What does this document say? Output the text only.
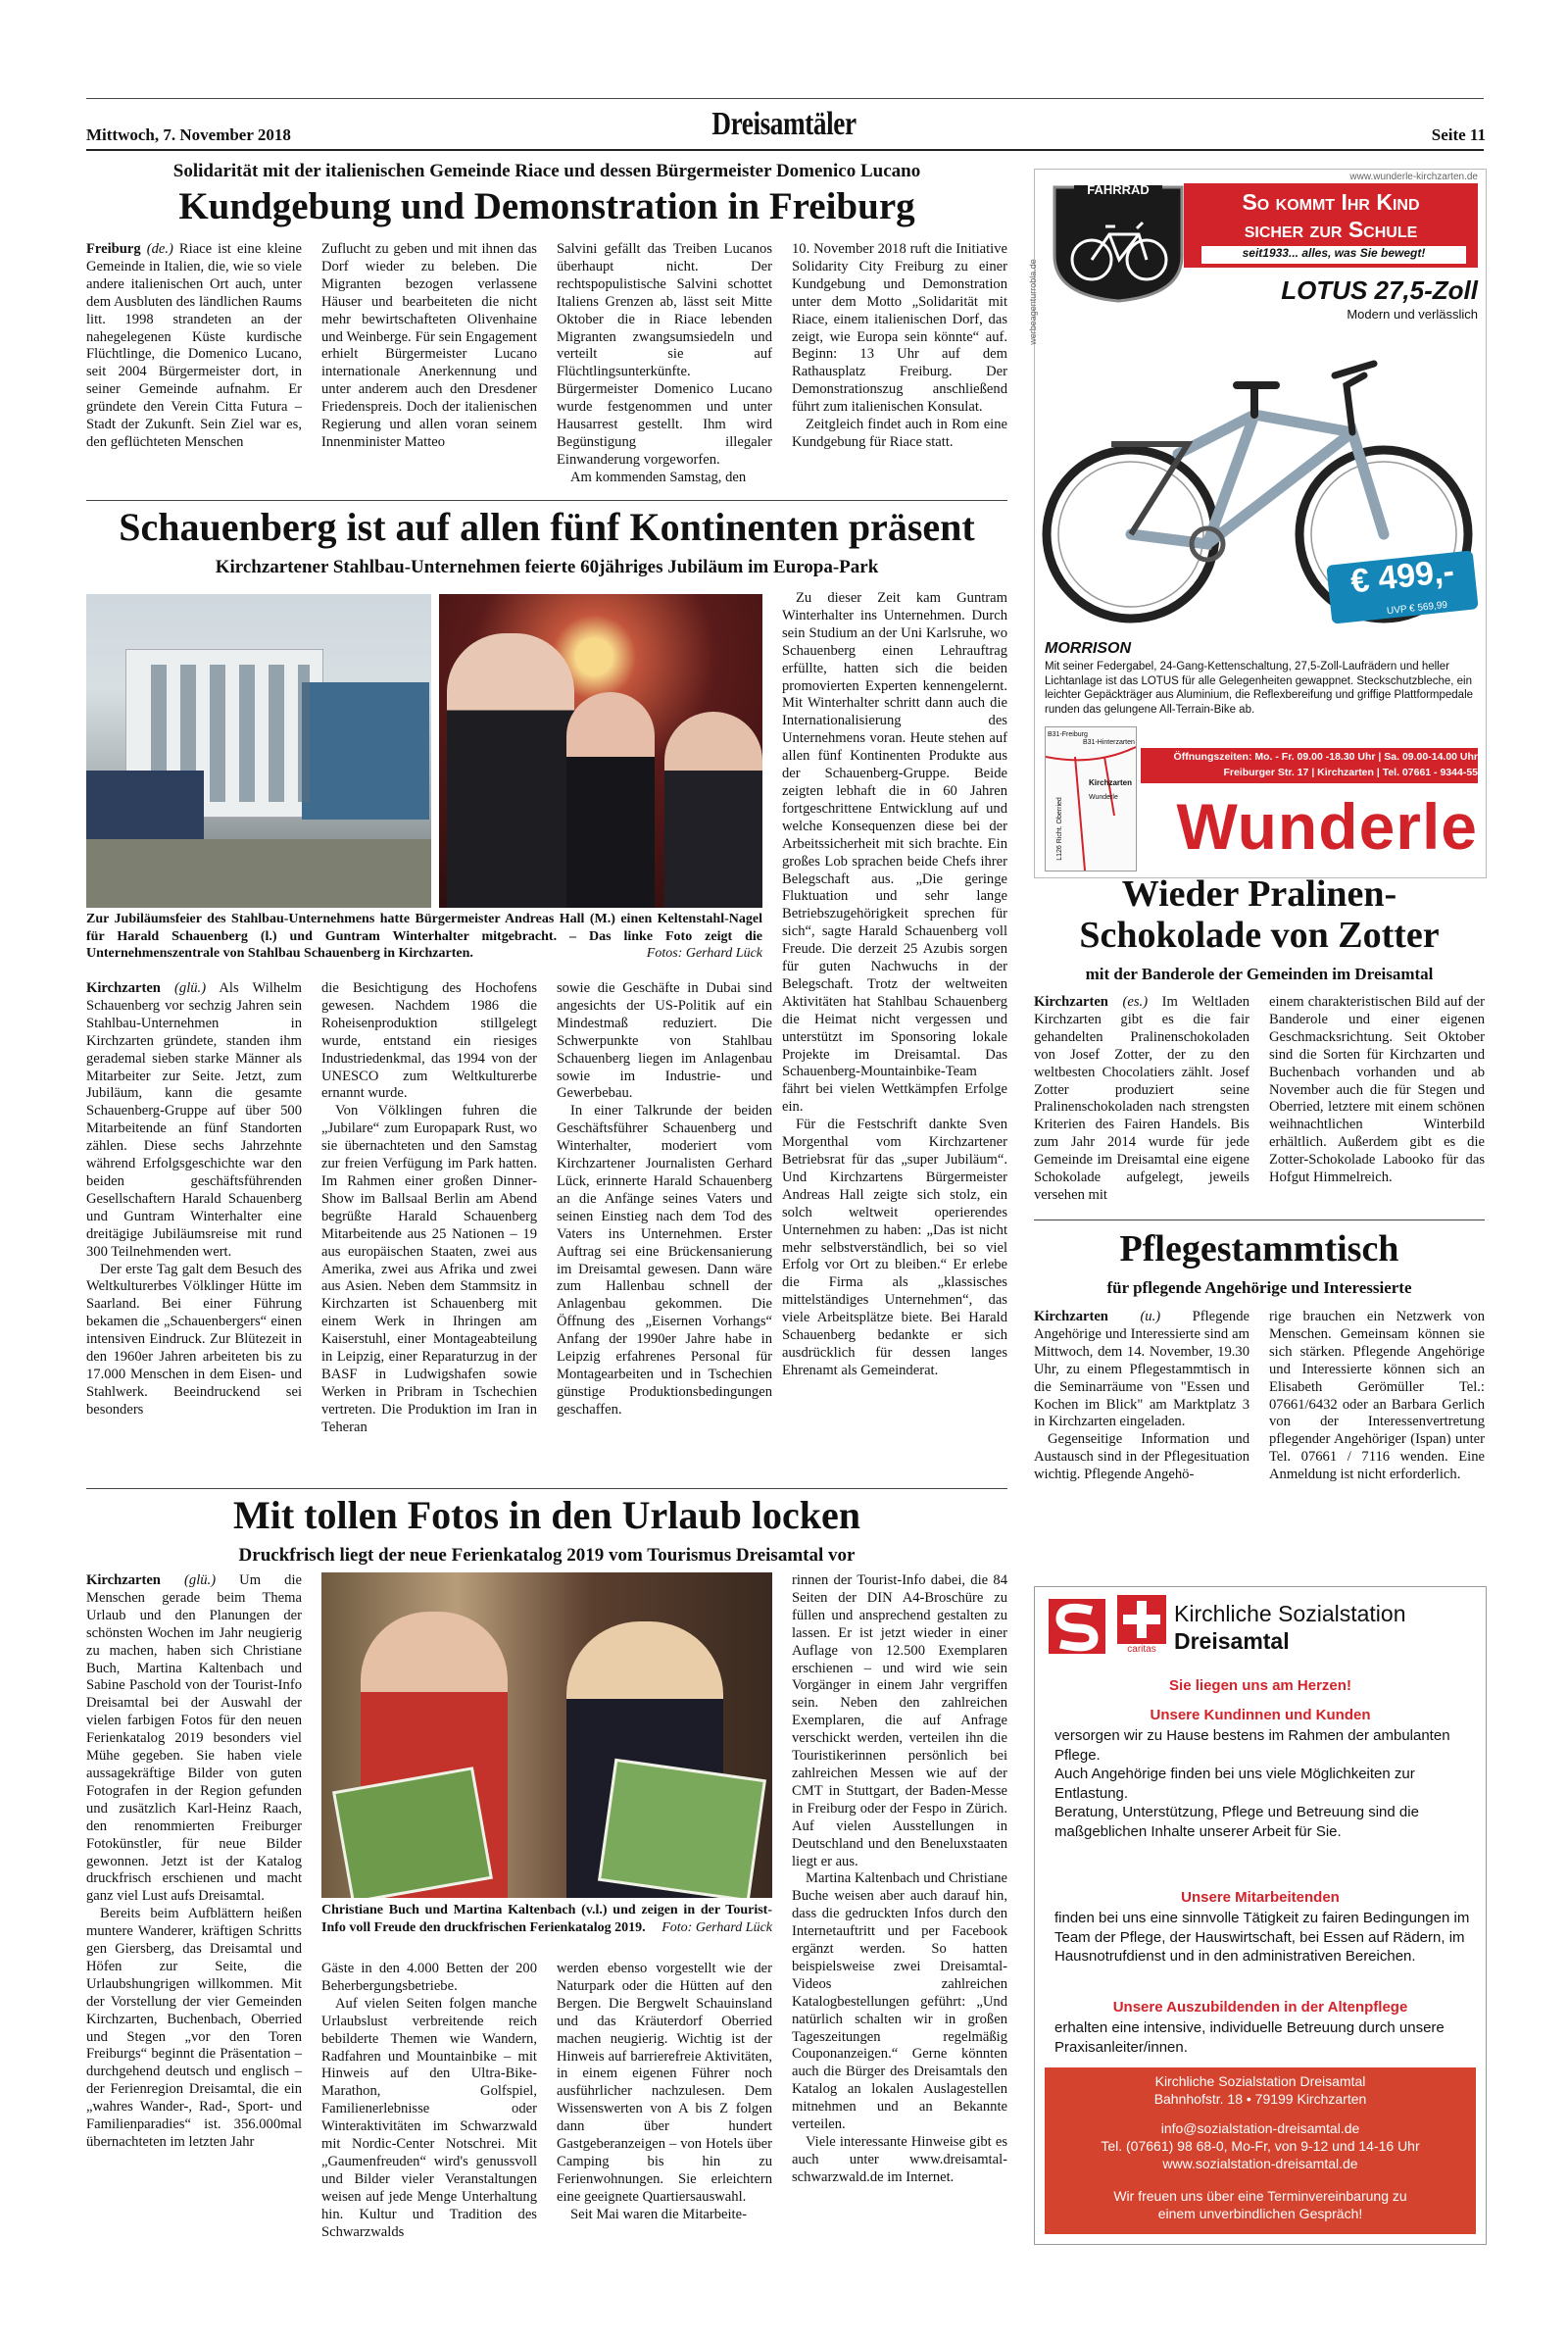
Mittwoch, 7. November 2018	Dreisamtäler	Seite 11
Solidarität mit der italienischen Gemeinde Riace und dessen Bürgermeister Domenico Lucano
Kundgebung und Demonstration in Freiburg

Freiburg (de.) Riace ist eine kleine Gemeinde in Italien, die, wie so viele andere italienischen Ort auch, unter dem Ausbluten des ländlichen Raums litt. 1998 strandeten an der nahegelegenen Küste kurdische Flüchtlinge, die Domenico Lucano, seit 2004 Bürgermeister dort, in seiner Gemeinde aufnahm. Er gründete den Verein Citta Futura – Stadt der Zukunft. Sein Ziel war es, den geflüchteten Menschen

Zuflucht zu geben und mit ihnen das Dorf wieder zu beleben. Die Migranten bezogen verlassene Häuser und bearbeiteten die nicht mehr bewirtschafteten Olivenhaine und Weinberge. Für sein Engagement erhielt Bürgermeister Lucano internationale Anerkennung und unter anderem auch den Dresdener Friedenspreis. Doch der italienischen Regierung und allen voran seinem Innenminister Matteo

Salvini gefällt das Treiben Lucanos überhaupt nicht. Der rechtspopulistische Salvini schottet Italiens Grenzen ab, lässt seit Mitte Oktober die in Riace lebenden Migranten zwangsumsiedeln und verteilt sie auf Flüchtlingsunterkünfte. Bürgermeister Domenico Lucano wurde festgenommen und unter Hausarrest gestellt. Ihm wird Begünstigung illegaler Einwanderung vorgeworfen.

Am kommenden Samstag, den

10. November 2018 ruft die Initiative Solidarity City Freiburg zu einer Kundgebung und Demonstration unter dem Motto „Solidarität mit Riace, einem italienischen Dorf, das zeigt, wie Europa sein könnte“ auf. Beginn: 13 Uhr auf dem Rathausplatz Freiburg. Der Demonstrationszug anschließend führt zum italienischen Konsulat.

Zeitgleich findet auch in Rom eine Kundgebung für Riace statt.

www.wunderle-kirchzarten.de
werbeagenturrobla.de
FAHRRAD	So kommt Ihr Kind
sicher zur Schule
seit1933... alles, was Sie bewegt!
LOTUS 27,5-Zoll
Modern und verlässlich
€ 499,-
UVP € 569,99
MORRISON
Mit seiner Federgabel, 24-Gang-Kettenschaltung, 27,5-Zoll-Laufrädern und heller Lichtanlage ist das LOTUS für alle Gelegenheiten gewappnet. Steckschutzbleche, ein leichter Gepäckträger aus Aluminium, die Reflexbereifung und griffige Plattformpedale runden das gelungene All-Terrain-Bike ab.
B31-Freiburg
B31-Hinterzarten
Kirchzarten
Wunderle
L126 Richt. Oberried
Öffnungszeiten: Mo. - Fr. 09.00 -18.30 Uhr | Sa. 09.00-14.00 Uhr
Freiburger Str. 17 | Kirchzarten | Tel. 07661 - 9344-55
Wunderle
Schauenberg ist auf allen fünf Kontinenten präsent
Kirchzartener Stahlbau-Unternehmen feierte 60jähriges Jubiläum im Europa-Park
Zur Jubiläumsfeier des Stahlbau-Unternehmens hatte Bürgermeister Andreas Hall (M.) einen Keltenstahl-Nagel für Harald Schauenberg (l.) und Guntram Winterhalter mitgebracht. – Das linke Foto zeigt die Unternehmenszentrale von Stahlbau Schauenberg in Kirchzarten.	Fotos: Gerhard Lück

Zu dieser Zeit kam Guntram Winterhalter ins Unternehmen. Durch sein Studium an der Uni Karlsruhe, wo Schauenberg einen Lehrauftrag erfüllte, hatten sich die beiden promovierten Experten kennengelernt. Mit Winterhalter schritt dann auch die Internationalisierung des Unternehmens voran. Heute stehen auf allen fünf Kontinenten Produkte aus der Schauenberg-Gruppe. Beide zeigten lebhaft die in 60 Jahren fortgeschrittene Entwicklung auf und welche Konsequenzen diese bei der Arbeitssicherheit mit sich brachte. Ein großes Lob sprachen beide Chefs ihrer Belegschaft aus. „Die geringe Fluktuation und sehr lange Betriebszugehörigkeit sprechen für sich“, sagte Harald Schauenberg voll Freude. Die derzeit 25 Azubis sorgen für guten Nachwuchs in der Belegschaft. Trotz der weltweiten Aktivitäten hat Stahlbau Schauenberg die Heimat nicht vergessen und unterstützt im Sponsoring lokale Projekte im Dreisamtal. Das Schauenberg-Mountainbike-Team fährt bei vielen Wettkämpfen Erfolge ein.

Für die Festschrift dankte Sven Morgenthal vom Kirchzartener Betriebsrat für das „super Jubiläum“. Und Kirchzartens Bürgermeister Andreas Hall zeigte sich stolz, ein solch weltweit operierendes Unternehmen zu haben: „Das ist nicht mehr selbstverständlich, bei so viel Erfolg vor Ort zu bleiben.“ Er erlebe die Firma als „klassisches mittelständiges Unternehmen“, das viele Arbeitsplätze biete. Bei Harald Schauenberg bedankte er sich ausdrücklich für dessen langes Ehrenamt als Gemeinderat.

Kirchzarten (glü.) Als Wilhelm Schauenberg vor sechzig Jahren sein Stahlbau-Unternehmen in Kirchzarten gründete, standen ihm gerademal sieben starke Männer als Mitarbeiter zur Seite. Jetzt, zum Jubiläum, kann die gesamte Schauenberg-Gruppe auf über 500 Mitarbeitende an fünf Standorten zählen. Diese sechs Jahrzehnte während Erfolgsgeschichte war den beiden geschäftsführenden Gesellschaftern Harald Schauenberg und Guntram Winterhalter eine dreitägige Jubiläumsreise mit rund 300 Teilnehmenden wert.

Der erste Tag galt dem Besuch des Weltkulturerbes Völklinger Hütte im Saarland. Bei einer Führung bekamen die „Schauenbergers“ einen intensiven Eindruck. Zur Blütezeit in den 1960er Jahren arbeiteten bis zu 17.000 Menschen in dem Eisen- und Stahlwerk. Beeindruckend sei besonders

die Besichtigung des Hochofens gewesen. Nachdem 1986 die Roheisenproduktion stillgelegt wurde, entstand ein riesiges Industriedenkmal, das 1994 von der UNESCO zum Weltkulturerbe ernannt wurde.

Von Völklingen fuhren die „Jubilare“ zum Europapark Rust, wo sie übernachteten und den Samstag zur freien Verfügung im Park hatten. Im Rahmen einer großen Dinner-Show im Ballsaal Berlin am Abend begrüßte Harald Schauenberg Mitarbeitende aus 25 Nationen – 19 aus europäischen Staaten, zwei aus Amerika, zwei aus Afrika und zwei aus Asien. Neben dem Stammsitz in Kirchzarten ist Schauenberg mit einem Werk in Ihringen am Kaiserstuhl, einer Montageabteilung in Leipzig, einer Reparaturzug in der BASF in Ludwigshafen sowie Werken in Pribram in Tschechien vertreten. Die Produktion im Iran in Teheran

sowie die Geschäfte in Dubai sind angesichts der US-Politik auf ein Mindestmaß reduziert. Die Schwerpunkte von Stahlbau Schauenberg liegen im Anlagenbau sowie im Industrie- und Gewerbebau.

In einer Talkrunde der beiden Geschäftsführer Schauenberg und Winterhalter, moderiert vom Kirchzartener Journalisten Gerhard Lück, erinnerte Harald Schauenberg an die Anfänge seines Vaters und seinen Einstieg nach dem Tod des Vaters ins Unternehmen. Erster Auftrag sei eine Brückensanierung im Dreisamtal gewesen. Dann wäre zum Hallenbau schnell der Anlagenbau gekommen. Die Öffnung des „Eisernen Vorhangs“ Anfang der 1990er Jahre habe in Leipzig erfahrenes Personal für Montagearbeiten und in Tschechien günstige Produktionsbedingungen geschaffen.

Wieder Pralinen-
Schokolade von Zotter
mit der Banderole der Gemeinden im Dreisamtal

Kirchzarten (es.) Im Weltladen Kirchzarten gibt es die fair gehandelten Pralinenschokoladen von Josef Zotter, der zu den weltbesten Chocolatiers zählt. Josef Zotter produziert seine Pralinenschokoladen nach strengsten Kriterien des Fairen Handels. Bis zum Jahr 2014 wurde für jede Gemeinde im Dreisamtal eine eigene Schokolade aufgelegt, jeweils versehen mit

einem charakteristischen Bild auf der Banderole und einer eigenen Geschmacksrichtung. Seit Oktober sind die Sorten für Kirchzarten und Buchenbach vorhanden und ab November auch die für Stegen und Oberried, letztere mit einem schönen weihnachtlichen Winterbild erhältlich. Außerdem gibt es die Zotter-Schokolade Labooko für das Hofgut Himmelreich.

Pflegestammtisch
für pflegende Angehörige und Interessierte

Kirchzarten (u.) Pflegende Angehörige und Interessierte sind am Mittwoch, dem 14. November, 19.30 Uhr, zu einem Pflegestammtisch in die Seminarräume von "Essen und Kochen im Blick" am Marktplatz 3 in Kirchzarten eingeladen.

Gegenseitige Information und Austausch sind in der Pflegesituation wichtig. Pflegende Angehö-

rige brauchen ein Netzwerk von Menschen. Gemeinsam können sie sich stärken. Pflegende Angehörige und Interessierte können sich an Elisabeth Gerömüller Tel.: 07661/6432 oder an Barbara Gerlich von der Interessenvertretung pflegender Angehöriger (Ispan) unter Tel. 07661 / 7116 wenden. Eine Anmeldung ist nicht erforderlich.

Mit tollen Fotos in den Urlaub locken
Druckfrisch liegt der neue Ferienkatalog 2019 vom Tourismus Dreisamtal vor

Kirchzarten (glü.) Um die Menschen gerade beim Thema Urlaub und den Planungen der schönsten Wochen im Jahr neugierig zu machen, haben sich Christiane Buch, Martina Kaltenbach und Sabine Paschold von der Tourist-Info Dreisamtal bei der Auswahl der vielen farbigen Fotos für den neuen Ferienkatalog 2019 besonders viel Mühe gegeben. Sie haben viele aussagekräftige Bilder von guten Fotografen in der Region gefunden und zusätzlich Karl-Heinz Raach, den renommierten Freiburger Fotokünstler, für neue Bilder gewonnen. Jetzt ist der Katalog druckfrisch erschienen und macht ganz viel Lust aufs Dreisamtal.

Bereits beim Aufblättern heißen muntere Wanderer, kräftigen Schritts gen Giersberg, das Dreisamtal und Höfen zur Seite, die Urlaubshungrigen willkommen. Mit der Vorstellung der vier Gemeinden Kirchzarten, Buchenbach, Oberried und Stegen „vor den Toren Freiburgs“ beginnt die Präsentation – durchgehend deutsch und englisch – der Ferienregion Dreisamtal, die ein „wahres Wander-, Rad-, Sport- und Familienparadies“ ist. 356.000mal übernachteten im letzten Jahr

Christiane Buch und Martina Kaltenbach (v.l.) und zeigen in der Tourist-Info voll Freude den druckfrischen Ferienkatalog 2019. Foto: Gerhard Lück

Gäste in den 4.000 Betten der 200 Beherbergungsbetriebe.

Auf vielen Seiten folgen manche Urlaubslust verbreitende reich bebilderte Themen wie Wandern, Radfahren und Mountainbike – mit Hinweis auf den Ultra-Bike-Marathon, Golfspiel, Familienerlebnisse oder Winteraktivitäten im Schwarzwald mit Nordic-Center Notschrei. Mit „Gaumenfreuden“ wird's genussvoll und Bilder vieler Veranstaltungen weisen auf jede Menge Unterhaltung hin. Kultur und Tradition des Schwarzwalds

werden ebenso vorgestellt wie der Naturpark oder die Hütten auf den Bergen. Die Bergwelt Schauinsland und das Kräuterdorf Oberried machen neugierig. Wichtig ist der Hinweis auf barrierefreie Aktivitäten, in einem eigenen Führer noch ausführlicher nachzulesen. Dem Wissenswerten von A bis Z folgen dann über hundert Gastgeberanzeigen – von Hotels über Camping bis hin zu Ferienwohnungen. Sie erleichtern eine geeignete Quartiersauswahl.

Seit Mai waren die Mitarbeite-

rinnen der Tourist-Info dabei, die 84 Seiten der DIN A4-Broschüre zu füllen und ansprechend gestalten zu lassen. Er ist jetzt wieder in einer Auflage von 12.500 Exemplaren erschienen – und wird wie sein Vorgänger in einem Jahr vergriffen sein. Neben den zahlreichen Exemplaren, die auf Anfrage verschickt werden, verteilen ihn die Touristikerinnen persönlich bei zahlreichen Messen wie auf der CMT in Stuttgart, der Baden-Messe in Freiburg oder der Fespo in Zürich. Auf vielen Ausstellungen in Deutschland und den Beneluxstaaten liegt er aus.

Martina Kaltenbach und Christiane Buche weisen aber auch darauf hin, dass die gedruckten Infos durch den Internetauftritt und per Facebook ergänzt werden. So hatten beispielsweise zwei Dreisamtal-Videos zahlreichen Katalogbestellungen geführt: „Und natürlich schalten wir in großen Tageszeitungen regelmäßig Couponanzeigen.“ Gerne könnten auch die Bürger des Dreisamtals den Katalog an lokalen Auslagestellen mitnehmen und an Bekannte verteilen.

Viele interessante Hinweise gibt es auch unter www.dreisamtal-schwarzwald.de im Internet.

caritas
Kirchliche Sozialstation
Dreisamtal
Sie liegen uns am Herzen!
Unsere Kundinnen und Kunden
versorgen wir zu Hause bestens im Rahmen der ambulanten Pflege.
Auch Angehörige finden bei uns viele Möglichkeiten zur Entlastung.
Beratung, Unterstützung, Pflege und Betreuung sind die maßgeblichen Inhalte unserer Arbeit für Sie.
Unsere Mitarbeitenden
finden bei uns eine sinnvolle Tätigkeit zu fairen Bedingungen im Team der Pflege, der Hauswirtschaft, bei Essen auf Rädern, im Hausnotrufdienst und in den administrativen Bereichen.
Unsere Auszubildenden in der Altenpflege
erhalten eine intensive, individuelle Betreuung durch unsere Praxisanleiter/innen.
Kirchliche Sozialstation Dreisamtal
Bahnhofstr. 18 • 79199 Kirchzarten
info@sozialstation-dreisamtal.de
Tel. (07661) 98 68-0, Mo-Fr, von 9-12 und 14-16 Uhr
www.sozialstation-dreisamtal.de
Wir freuen uns über eine Terminvereinbarung zu einem unverbindlichen Gespräch!
